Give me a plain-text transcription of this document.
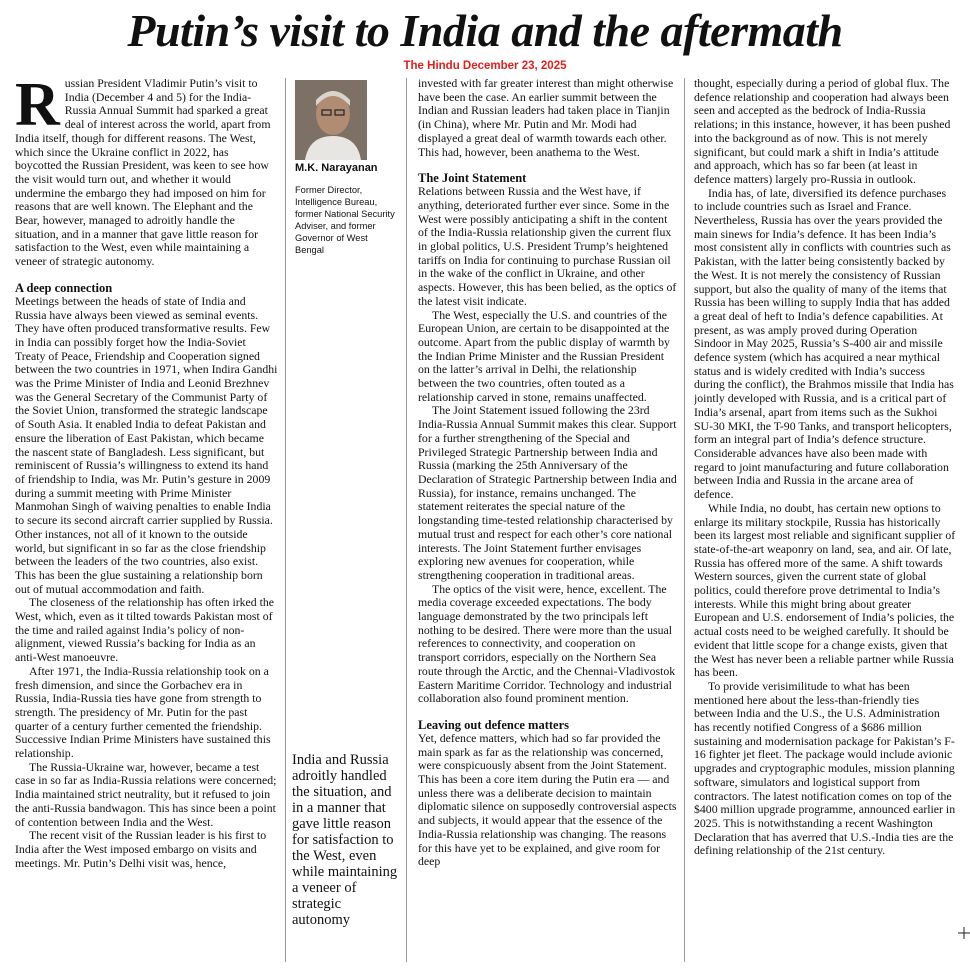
Putin’s visit to India and the aftermath
The Hindu December 23, 2025

Russian President Vladimir Putin’s visit to India (December 4 and 5) for the India-Russia Annual Summit had sparked a great deal of interest across the world, apart from India itself, though for different reasons. The West, which since the Ukraine conflict in 2022, has boycotted the Russian President, was keen to see how the visit would turn out, and whether it would undermine the embargo they had imposed on him for reasons that are well known. The Elephant and the Bear, however, managed to adroitly handle the situation, and in a manner that gave little reason for satisfaction to the West, even while maintaining a veneer of strategic autonomy.

A deep connection

Meetings between the heads of state of India and Russia have always been viewed as seminal events. They have often produced transformative results. Few in India can possibly forget how the India-Soviet Treaty of Peace, Friendship and Cooperation signed between the two countries in 1971, when Indira Gandhi was the Prime Minister of India and Leonid Brezhnev was the General Secretary of the Communist Party of the Soviet Union, transformed the strategic landscape of South Asia. It enabled India to defeat Pakistan and ensure the liberation of East Pakistan, which became the nascent state of Bangladesh. Less significant, but reminiscent of Russia’s willingness to extend its hand of friendship to India, was Mr. Putin’s gesture in 2009 during a summit meeting with Prime Minister Manmohan Singh of waiving penalties to enable India to secure its second aircraft carrier supplied by Russia. Other instances, not all of it known to the outside world, but significant in so far as the close friendship between the leaders of the two countries, also exist. This has been the glue sustaining a relationship born out of mutual accommodation and faith.

The closeness of the relationship has often irked the West, which, even as it tilted towards Pakistan most of the time and railed against India’s policy of non-alignment, viewed Russia’s backing for India as an anti-West manoeuvre.

After 1971, the India-Russia relationship took on a fresh dimension, and since the Gorbachev era in Russia, India-Russia ties have gone from strength to strength. The presidency of Mr. Putin for the past quarter of a century further cemented the friendship. Successive Indian Prime Ministers have sustained this relationship.

The Russia-Ukraine war, however, became a test case in so far as India-Russia relations were concerned; India maintained strict neutrality, but it refused to join the anti-Russia bandwagon. This has since been a point of contention between India and the West.

The recent visit of the Russian leader is his first to India after the West imposed embargo on visits and meetings. Mr. Putin’s Delhi visit was, hence,

M.K. Narayanan
Former Director, Intelligence Bureau, former National Security Adviser, and former Governor of West Bengal
India and Russia adroitly handled the situation, and in a manner that gave little reason for satisfaction to the West, even while maintaining a veneer of strategic autonomy

invested with far greater interest than might otherwise have been the case. An earlier summit between the Indian and Russian leaders had taken place in Tianjin (in China), where Mr. Putin and Mr. Modi had displayed a great deal of warmth towards each other. This had, however, been anathema to the West.

The Joint Statement

Relations between Russia and the West have, if anything, deteriorated further ever since. Some in the West were possibly anticipating a shift in the content of the India-Russia relationship given the current flux in global politics, U.S. President Trump’s heightened tariffs on India for continuing to purchase Russian oil in the wake of the conflict in Ukraine, and other aspects. However, this has been belied, as the optics of the latest visit indicate.

The West, especially the U.S. and countries of the European Union, are certain to be disappointed at the outcome. Apart from the public display of warmth by the Indian Prime Minister and the Russian President on the latter’s arrival in Delhi, the relationship between the two countries, often touted as a relationship carved in stone, remains unaffected.

The Joint Statement issued following the 23rd India-Russia Annual Summit makes this clear. Support for a further strengthening of the Special and Privileged Strategic Partnership between India and Russia (marking the 25th Anniversary of the Declaration of Strategic Partnership between India and Russia), for instance, remains unchanged. The statement reiterates the special nature of the longstanding time-tested relationship characterised by mutual trust and respect for each other’s core national interests. The Joint Statement further envisages exploring new avenues for cooperation, while strengthening cooperation in traditional areas.

The optics of the visit were, hence, excellent. The media coverage exceeded expectations. The body language demonstrated by the two principals left nothing to be desired. There were more than the usual references to connectivity, and cooperation on transport corridors, especially on the Northern Sea route through the Arctic, and the Chennai-Vladivostok Eastern Maritime Corridor. Technology and industrial collaboration also found prominent mention.

Leaving out defence matters

Yet, defence matters, which had so far provided the main spark as far as the relationship was concerned, were conspicuously absent from the Joint Statement. This has been a core item during the Putin era — and unless there was a deliberate decision to maintain diplomatic silence on supposedly controversial aspects and subjects, it would appear that the essence of the India-Russia relationship was changing. The reasons for this have yet to be explained, and give room for deep

thought, especially during a period of global flux. The defence relationship and cooperation had always been seen and accepted as the bedrock of India-Russia relations; in this instance, however, it has been pushed into the background as of now. This is not merely significant, but could mark a shift in India’s attitude and approach, which has so far been (at least in defence matters) largely pro-Russia in outlook.

India has, of late, diversified its defence purchases to include countries such as Israel and France. Nevertheless, Russia has over the years provided the main sinews for India’s defence. It has been India’s most consistent ally in conflicts with countries such as Pakistan, with the latter being consistently backed by the West. It is not merely the consistency of Russian support, but also the quality of many of the items that Russia has been willing to supply India that has added a great deal of heft to India’s defence capabilities. At present, as was amply proved during Operation Sindoor in May 2025, Russia’s S-400 air and missile defence system (which has acquired a near mythical status and is widely credited with India’s success during the conflict), the Brahmos missile that India has jointly developed with Russia, and is a critical part of India’s arsenal, apart from items such as the Sukhoi SU-30 MKI, the T-90 Tanks, and transport helicopters, form an integral part of India’s defence structure. Considerable advances have also been made with regard to joint manufacturing and future collaboration between India and Russia in the arcane area of defence.

While India, no doubt, has certain new options to enlarge its military stockpile, Russia has historically been its largest most reliable and significant supplier of state-of-the-art weaponry on land, sea, and air. Of late, Russia has offered more of the same. A shift towards Western sources, given the current state of global politics, could therefore prove detrimental to India’s interests. While this might bring about greater European and U.S. endorsement of India’s policies, the actual costs need to be weighed carefully. It should be evident that little scope for a change exists, given that the West has never been a reliable partner while Russia has been.

To provide verisimilitude to what has been mentioned here about the less-than-friendly ties between India and the U.S., the U.S. Administration has recently notified Congress of a $686 million sustaining and modernisation package for Pakistan’s F-16 fighter jet fleet. The package would include avionic upgrades and cryptographic modules, mission planning software, simulators and logistical support from contractors. The latest notification comes on top of the $400 million upgrade programme, announced earlier in 2025. This is notwithstanding a recent Washington Declaration that has averred that U.S.-India ties are the defining relationship of the 21st century.
